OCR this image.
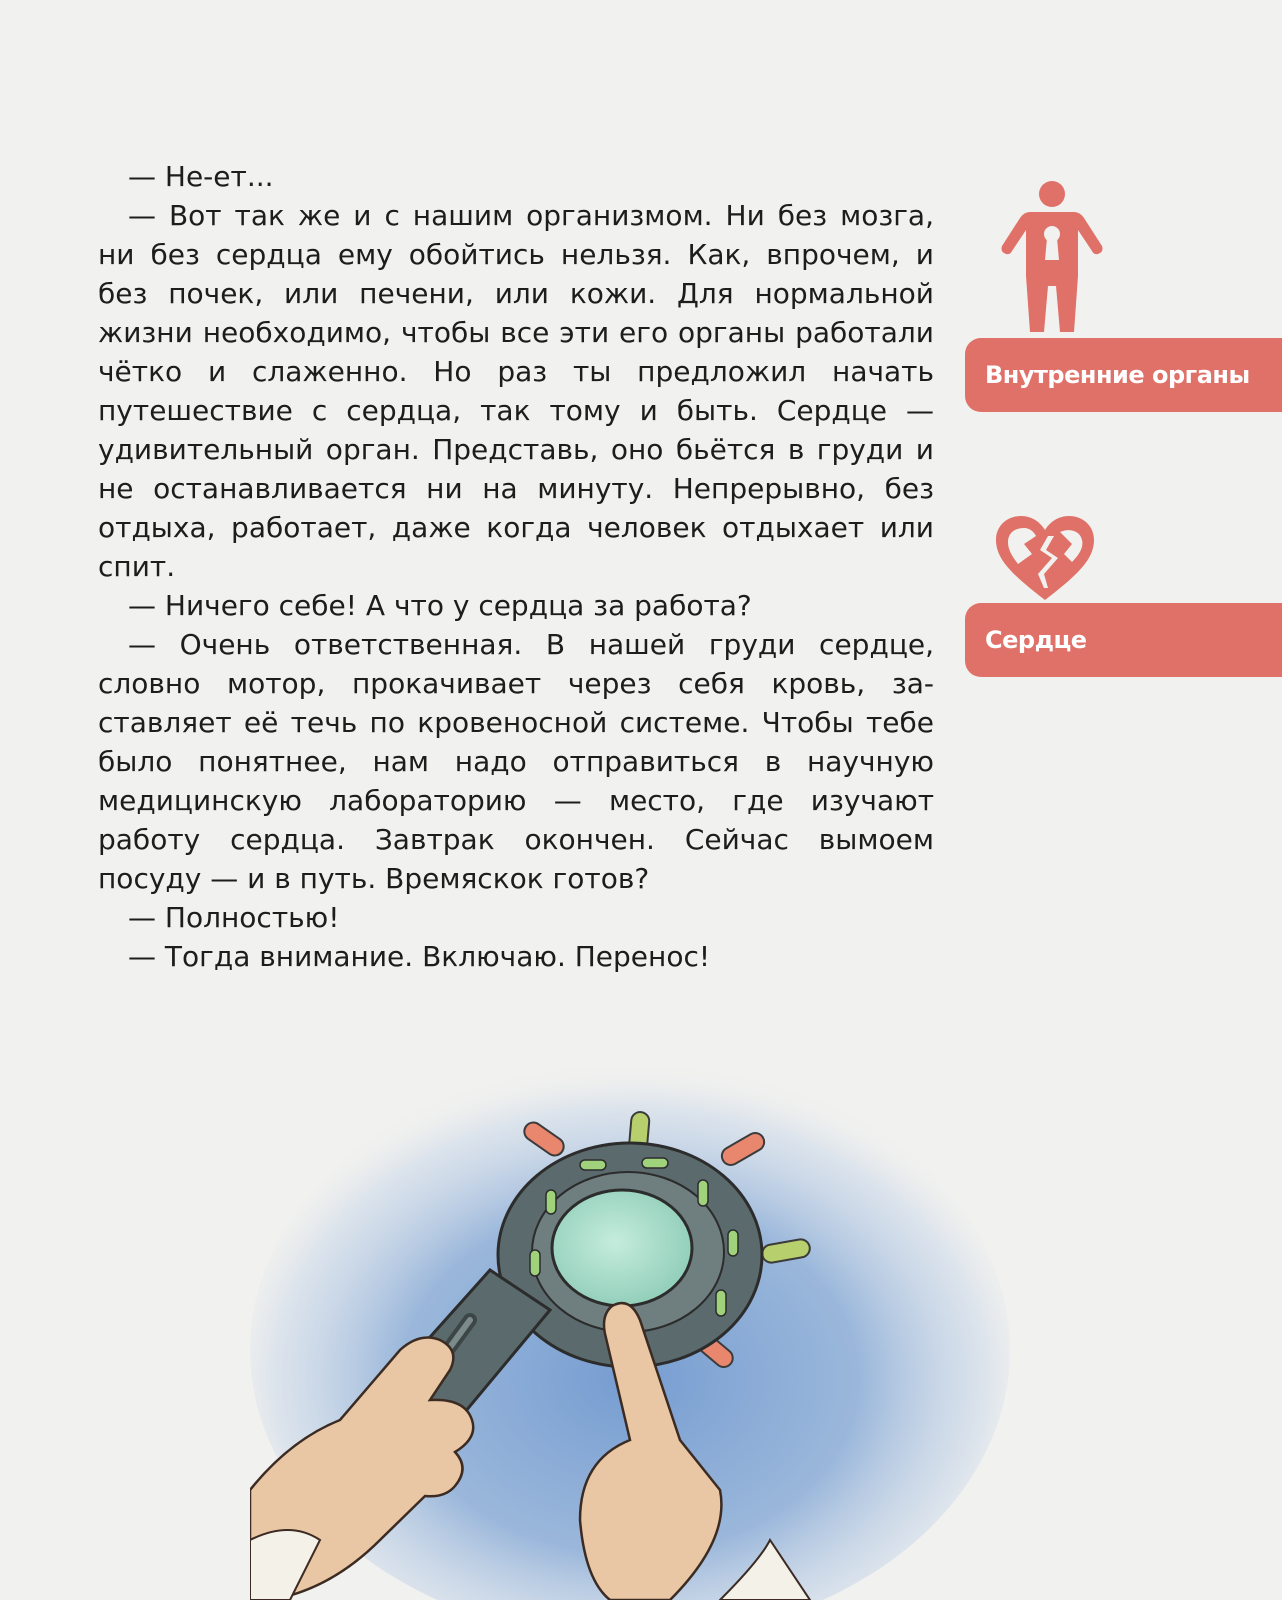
— Не-ет...

— Вот так же и с нашим организмом. Ни без мозга, ни без сердца ему обойтись нельзя. Как, впрочем, и без почек, или печени, или кожи. Для нормальной жизни необходимо, чтобы все эти его органы работали чётко и слаженно. Но раз ты предложил начать путешествие с сердца, так тому и быть. Сердце — удивительный орган. Представь, оно бьётся в груди и не останавливается ни на минуту. Непрерывно, без отдыха, работает, даже когда человек отдыхает или спит.

— Ничего себе! А что у сердца за работа?

— Очень ответственная. В нашей груди сердце, словно мотор, прокачивает через себя кровь, заставляет её течь по кровеносной системе. Чтобы тебе было понятнее, нам надо отправиться в научную медицинскую лабораторию — место, где изучают работу сердца. Завтрак окончен. Сейчас вымоем посуду — и в путь. Времяскок готов?

— Полностью!

— Тогда внимание. Включаю. Перенос!

Внутренние органы
Сердце
